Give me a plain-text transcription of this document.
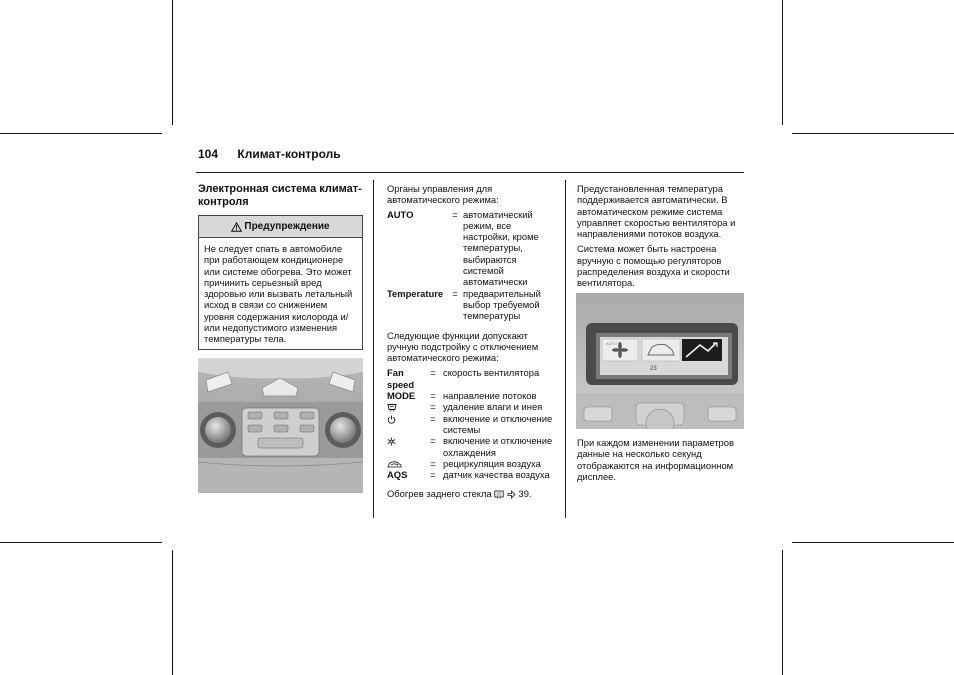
104 Климат-контроль
Электронная система климат-контроля
Предупреждение
Не следует спать в автомобиле при работающем кондиционере или системе обогрева. Это может причинить серьезный вред здоровью или вызвать летальный исход в связи со снижением уровня содержания кислорода и/или недопустимого изменения температуры тела.

Органы управления для автоматического режима:

AUTO	= автоматический режим, все настройки, кроме температуры, выбираются системой автоматически
Temperature = предварительный выбор требуемой температуры

Следующие функции допускают ручную подстройку с отключением автоматического режима:

Fan speed
= скорость вентилятора
MODE	= направление потоков
= удаление влаги и инея
= включение и отключение системы
= включение и отключение охлаждения
= рециркуляция воздуха
AQS	= датчик качества воздуха

Обогрев заднего стекла	39.

Предустановленная температура поддерживается автоматически. В автоматическом режиме система управляет скоростью вентилятора и направлениями потоков воздуха.

Система может быть настроена вручную с помощью регуляторов распределения воздуха и скорости вентилятора.

AUTO
23

При каждом изменении параметров данные на несколько секунд отображаются на информационном дисплее.
